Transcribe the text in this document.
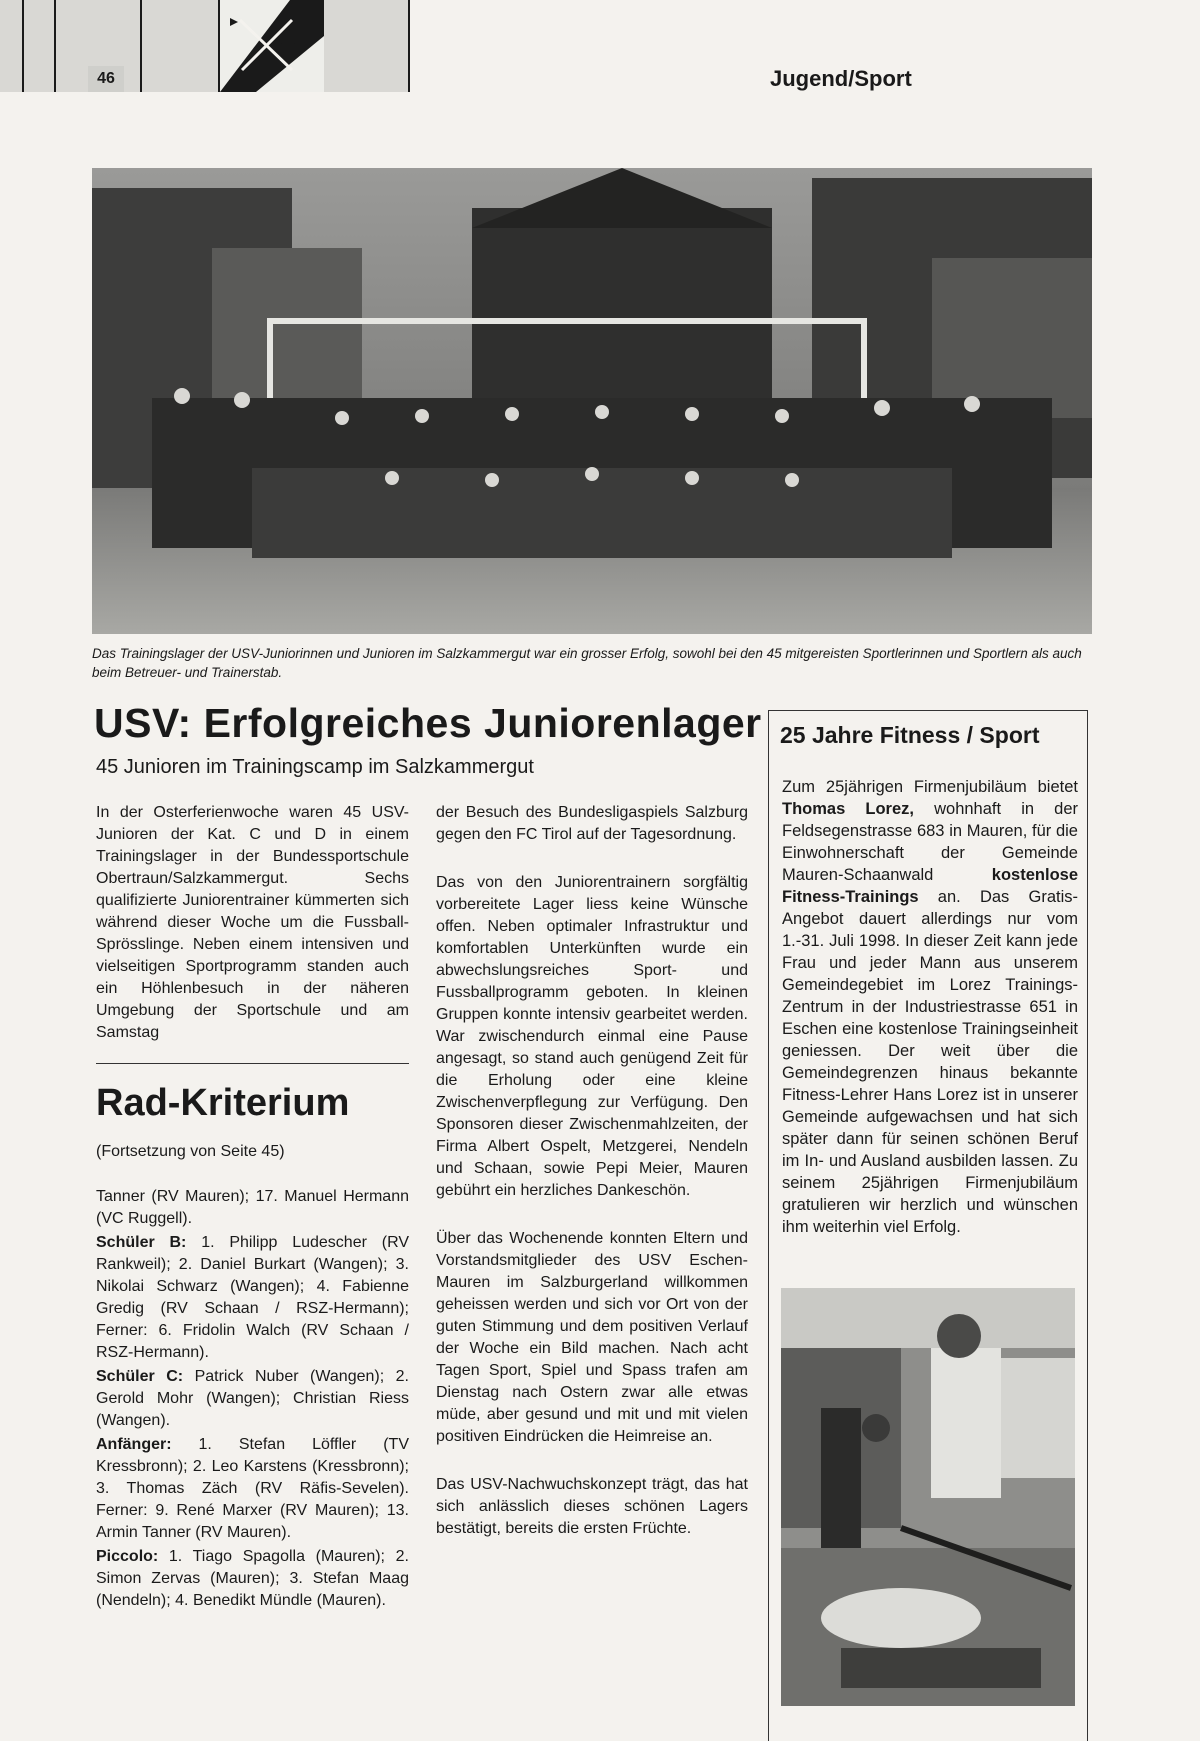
46	Jugend/Sport
Das Trainingslager der USV-Juniorinnen und Junioren im Salzkammergut war ein grosser Erfolg, sowohl bei den 45 mitgereisten Sportlerinnen und Sportlern als auch beim Betreuer- und Trainerstab.
USV: Erfolgreiches Juniorenlager
45 Junioren im Trainingscamp im Salzkammergut

In der Osterferienwoche waren 45 USV-Junioren der Kat. C und D in einem Trainingslager in der Bundessportschule Obertraun/Salzkammergut. Sechs qualifizierte Juniorentrainer kümmerten sich während dieser Woche um die Fussball-Sprösslinge. Neben einem intensiven und vielseitigen Sportprogramm standen auch ein Höhlenbesuch in der näheren Umgebung der Sportschule und am Samstag

der Besuch des Bundesligaspiels Salzburg gegen den FC Tirol auf der Tagesordnung.

Das von den Juniorentrainern sorgfältig vorbereitete Lager liess keine Wünsche offen. Neben optimaler Infrastruktur und komfortablen Unterkünften wurde ein abwechslungsreiches Sport- und Fussballprogramm geboten. In kleinen Gruppen konnte intensiv gearbeitet werden. War zwischendurch einmal eine Pause angesagt, so stand auch genügend Zeit für die Erholung oder eine kleine Zwischenverpflegung zur Verfügung. Den Sponsoren dieser Zwischenmahlzeiten, der Firma Albert Ospelt, Metzgerei, Nendeln und Schaan, sowie Pepi Meier, Mauren gebührt ein herzliches Dankeschön.

Über das Wochenende konnten Eltern und Vorstandsmitglieder des USV Eschen-Mauren im Salzburgerland willkommen geheissen werden und sich vor Ort von der guten Stimmung und dem positiven Verlauf der Woche ein Bild machen. Nach acht Tagen Sport, Spiel und Spass trafen am Dienstag nach Ostern zwar alle etwas müde, aber gesund und mit und mit vielen positiven Eindrücken die Heimreise an.

Das USV-Nachwuchskonzept trägt, das hat sich anlässlich dieses schönen Lagers bestätigt, bereits die ersten Früchte.

Rad-Kriterium
(Fortsetzung von Seite 45)

Tanner (RV Mauren); 17. Manuel Hermann (VC Ruggell).

Schüler B: 1. Philipp Ludescher (RV Rankweil); 2. Daniel Burkart (Wangen); 3. Nikolai Schwarz (Wangen); 4. Fabienne Gredig (RV Schaan / RSZ-Hermann); Ferner: 6. Fridolin Walch (RV Schaan / RSZ-Hermann).

Schüler C: Patrick Nuber (Wangen); 2. Gerold Mohr (Wangen); Christian Riess (Wangen).

Anfänger: 1. Stefan Löffler (TV Kressbronn); 2. Leo Karstens (Kressbronn); 3. Thomas Zäch (RV Räfis-Sevelen). Ferner: 9. René Marxer (RV Mauren); 13. Armin Tanner (RV Mauren).

Piccolo: 1. Tiago Spagolla (Mauren); 2. Simon Zervas (Mauren); 3. Stefan Maag (Nendeln); 4. Benedikt Mündle (Mauren).

25 Jahre Fitness / Sport
Zum 25jährigen Firmenjubiläum bietet Thomas Lorez, wohnhaft in der Feldsegenstrasse 683 in Mauren, für die Einwohnerschaft der Gemeinde Mauren-Schaanwald kostenlose Fitness-Trainings an. Das Gratis-Angebot dauert allerdings nur vom 1.-31. Juli 1998. In dieser Zeit kann jede Frau und jeder Mann aus unserem Gemeindegebiet im Lorez Trainings-Zentrum in der Industriestrasse 651 in Eschen eine kostenlose Trainingseinheit geniessen. Der weit über die Gemeindegrenzen hinaus bekannte Fitness-Lehrer Hans Lorez ist in unserer Gemeinde aufgewachsen und hat sich später dann für seinen schönen Beruf im In- und Ausland ausbilden lassen. Zu seinem 25jährigen Firmenjubiläum gratulieren wir herzlich und wünschen ihm weiterhin viel Erfolg.
